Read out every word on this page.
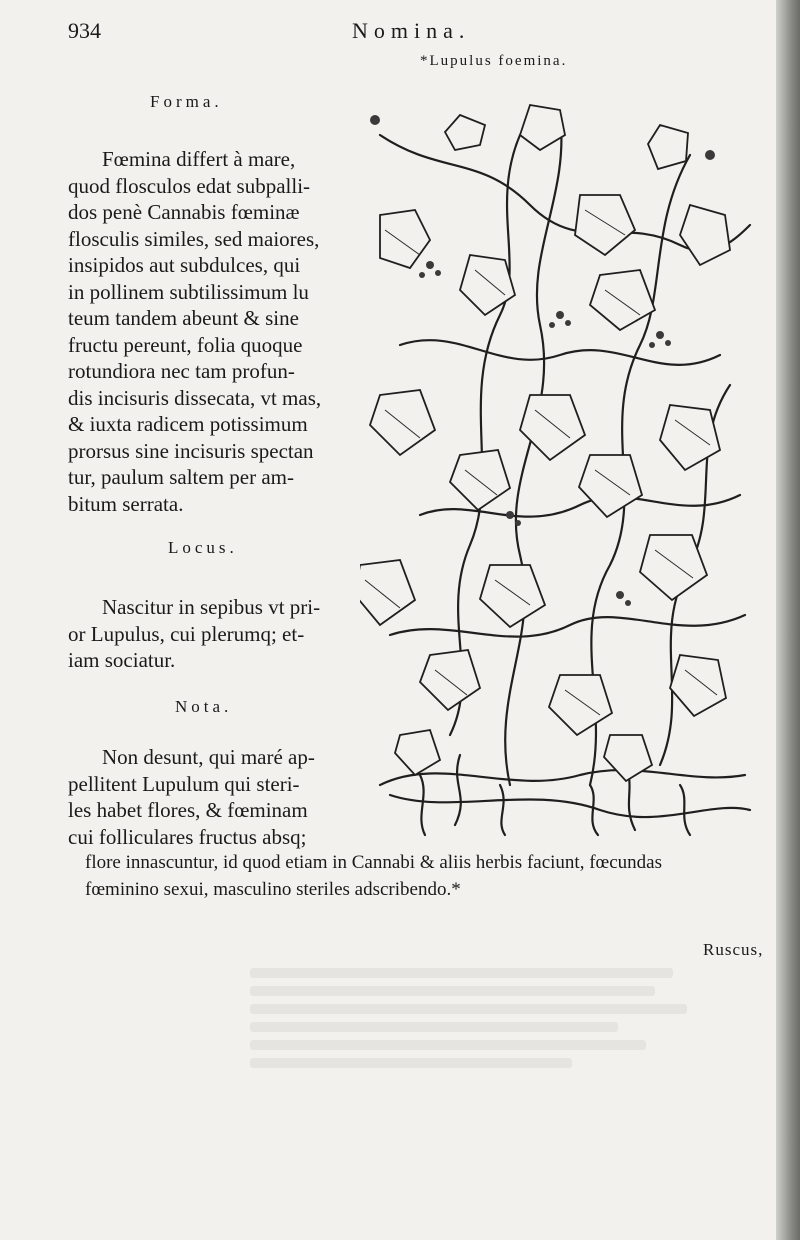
934	Nomina.
*Lupulus foemina.
Forma.
Fœmina differt à mare,
quod flosculos edat subpalli-
dos penè Cannabis fœminæ
flosculis similes, sed maiores,
insipidos aut subdulces, qui
in pollinem subtilissimum lu
teum tandem abeunt & sine
fructu pereunt, folia quoque
rotundiora nec tam profun-
dis incisuris dissecata, vt mas,
& iuxta radicem potissimum
prorsus sine incisuris spectan
tur, paulum saltem per am-
bitum serrata.
Locus.
Nascitur in sepibus vt pri-
or Lupulus, cui plerumq; et-
iam sociatur.
Nota.
Non desunt, qui maré ap-
pellitent Lupulum qui steri-
les habet flores, & fœminam
cui folliculares fructus absq;
flore innascuntur, id quod etiam in Cannabi & aliis herbis faciunt, fœcundas
fœminino sexui, masculino steriles adscribendo.*
Ruscus,
